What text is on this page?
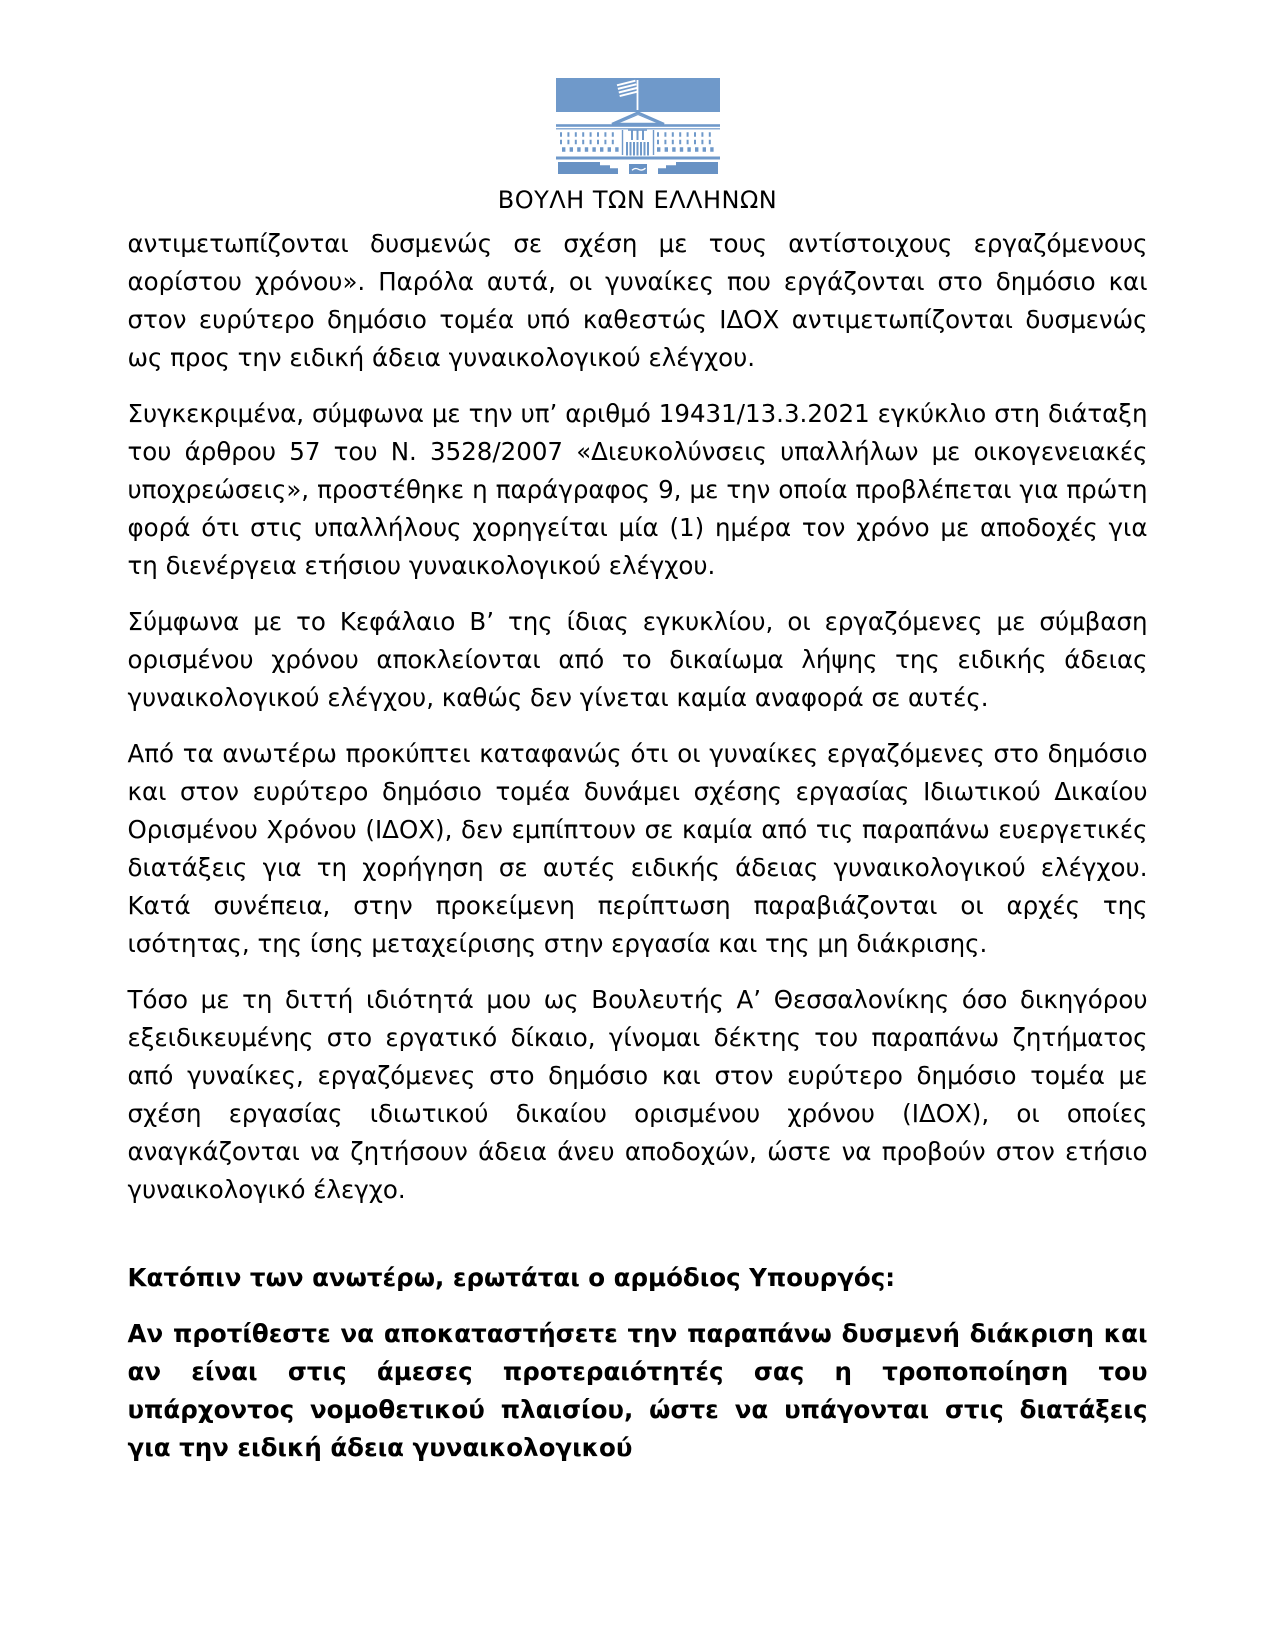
ΒΟΥΛΗ ΤΩΝ ΕΛΛΗΝΩΝ

αντιμετωπίζονται δυσμενώς σε σχέση με τους αντίστοιχους εργαζόμενους αορίστου χρόνου». Παρόλα αυτά, οι γυναίκες που εργάζονται στο δημόσιο και στον ευρύτερο δημόσιο τομέα υπό καθεστώς ΙΔΟΧ αντιμετωπίζονται δυσμενώς ως προς την ειδική άδεια γυναικολογικού ελέγχου.

Συγκεκριμένα, σύμφωνα με την υπ’ αριθμό 19431/13.3.2021 εγκύκλιο στη διάταξη του άρθρου 57 του Ν. 3528/2007 «Διευκολύνσεις υπαλλήλων με οικογενειακές υποχρεώσεις», προστέθηκε η παράγραφος 9, με την οποία προβλέπεται για πρώτη φορά ότι στις υπαλλήλους χορηγείται μία (1) ημέρα τον χρόνο με αποδοχές για τη διενέργεια ετήσιου γυναικολογικού ελέγχου.

Σύμφωνα με το Κεφάλαιο Β’ της ίδιας εγκυκλίου, οι εργαζόμενες με σύμβαση ορισμένου χρόνου αποκλείονται από το δικαίωμα λήψης της ειδικής άδειας γυναικολογικού ελέγχου, καθώς δεν γίνεται καμία αναφορά σε αυτές.

Από τα ανωτέρω προκύπτει καταφανώς ότι οι γυναίκες εργαζόμενες στο δημόσιο και στον ευρύτερο δημόσιο τομέα δυνάμει σχέσης εργασίας Ιδιωτικού Δικαίου Ορισμένου Χρόνου (ΙΔΟΧ), δεν εμπίπτουν σε καμία από τις παραπάνω ευεργετικές διατάξεις για τη χορήγηση σε αυτές ειδικής άδειας γυναικολογικού ελέγχου. Κατά συνέπεια, στην προκείμενη περίπτωση παραβιάζονται οι αρχές της ισότητας, της ίσης μεταχείρισης στην εργασία και της μη διάκρισης.

Τόσο με τη διττή ιδιότητά μου ως Βουλευτής Α’ Θεσσαλονίκης όσο δικηγόρου εξειδικευμένης στο εργατικό δίκαιο, γίνομαι δέκτης του παραπάνω ζητήματος από γυναίκες, εργαζόμενες στο δημόσιο και στον ευρύτερο δημόσιο τομέα με σχέση εργασίας ιδιωτικού δικαίου ορισμένου χρόνου (ΙΔΟΧ), οι οποίες αναγκάζονται να ζητήσουν άδεια άνευ αποδοχών, ώστε να προβούν στον ετήσιο γυναικολογικό έλεγχο.

Κατόπιν των ανωτέρω, ερωτάται ο αρμόδιος Υπουργός:

Αν προτίθεστε να αποκαταστήσετε την παραπάνω δυσμενή διάκριση και αν είναι στις άμεσες προτεραιότητές σας η τροποποίηση του υπάρχοντος νομοθετικού πλαισίου, ώστε να υπάγονται στις διατάξεις για την ειδική άδεια γυναικολογικού
